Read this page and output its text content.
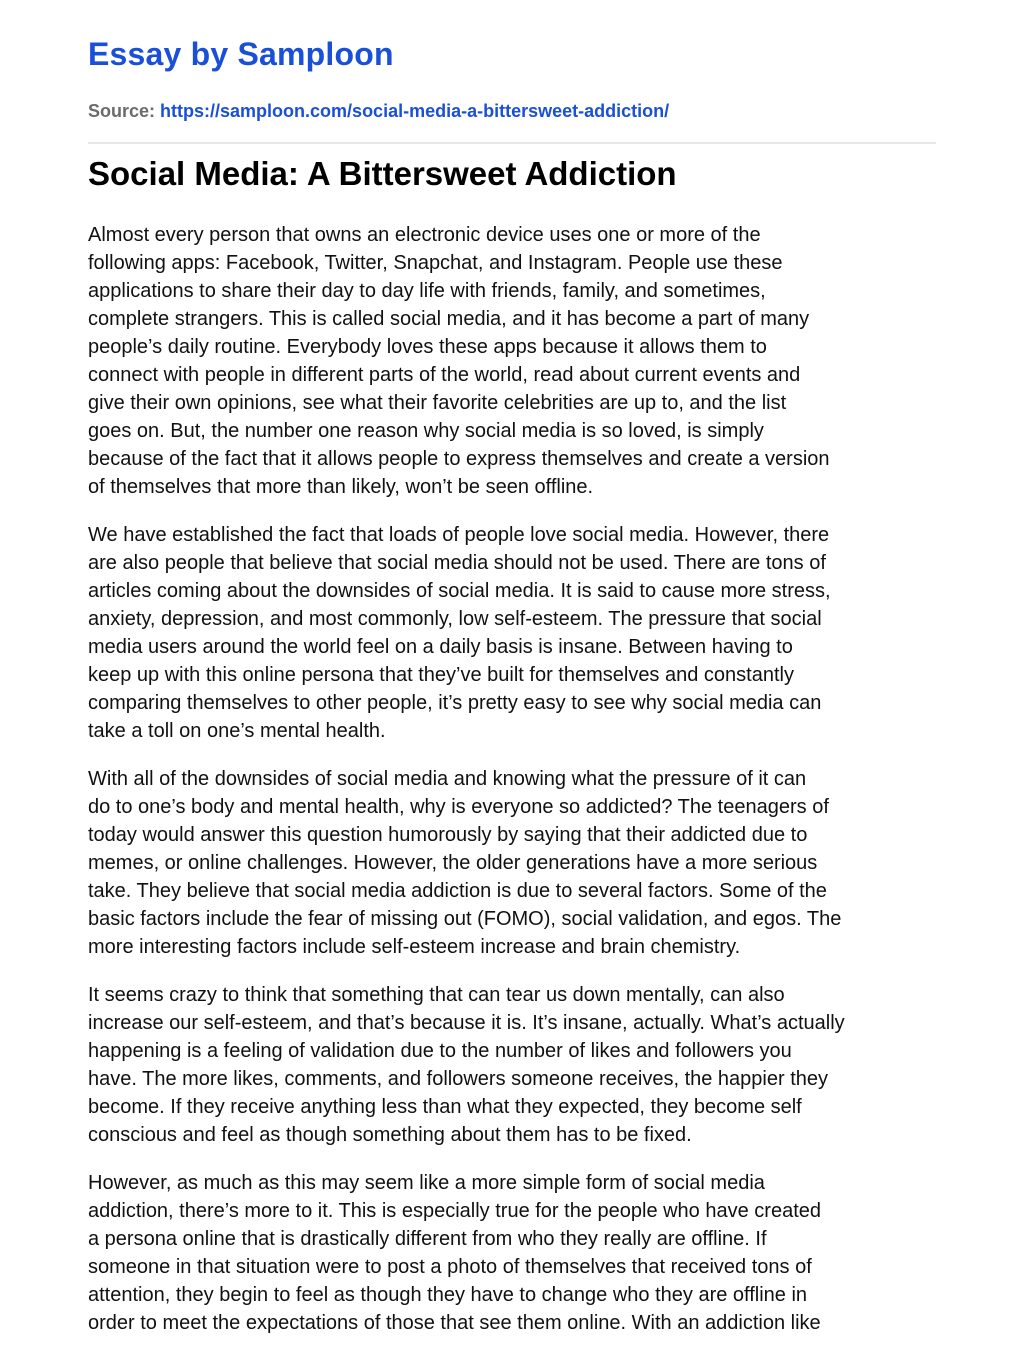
Essay by Samploon
Source: https://samploon.com/social-media-a-bittersweet-addiction/
Social Media: A Bittersweet Addiction
Almost every person that owns an electronic device uses one or more of the
following apps: Facebook, Twitter, Snapchat, and Instagram. People use these
applications to share their day to day life with friends, family, and sometimes,
complete strangers. This is called social media, and it has become a part of many
people’s daily routine. Everybody loves these apps because it allows them to
connect with people in different parts of the world, read about current events and
give their own opinions, see what their favorite celebrities are up to, and the list
goes on. But, the number one reason why social media is so loved, is simply
because of the fact that it allows people to express themselves and create a version
of themselves that more than likely, won’t be seen offline.
We have established the fact that loads of people love social media. However, there
are also people that believe that social media should not be used. There are tons of
articles coming about the downsides of social media. It is said to cause more stress,
anxiety, depression, and most commonly, low self-esteem. The pressure that social
media users around the world feel on a daily basis is insane. Between having to
keep up with this online persona that they’ve built for themselves and constantly
comparing themselves to other people, it’s pretty easy to see why social media can
take a toll on one’s mental health.
With all of the downsides of social media and knowing what the pressure of it can
do to one’s body and mental health, why is everyone so addicted? The teenagers of
today would answer this question humorously by saying that their addicted due to
memes, or online challenges. However, the older generations have a more serious
take. They believe that social media addiction is due to several factors. Some of the
basic factors include the fear of missing out (FOMO), social validation, and egos. The
more interesting factors include self-esteem increase and brain chemistry.
It seems crazy to think that something that can tear us down mentally, can also
increase our self-esteem, and that’s because it is. It’s insane, actually. What’s actually
happening is a feeling of validation due to the number of likes and followers you
have. The more likes, comments, and followers someone receives, the happier they
become. If they receive anything less than what they expected, they become self
conscious and feel as though something about them has to be fixed.
However, as much as this may seem like a more simple form of social media
addiction, there’s more to it. This is especially true for the people who have created
a persona online that is drastically different from who they really are offline. If
someone in that situation were to post a photo of themselves that received tons of
attention, they begin to feel as though they have to change who they are offline in
order to meet the expectations of those that see them online. With an addiction like
